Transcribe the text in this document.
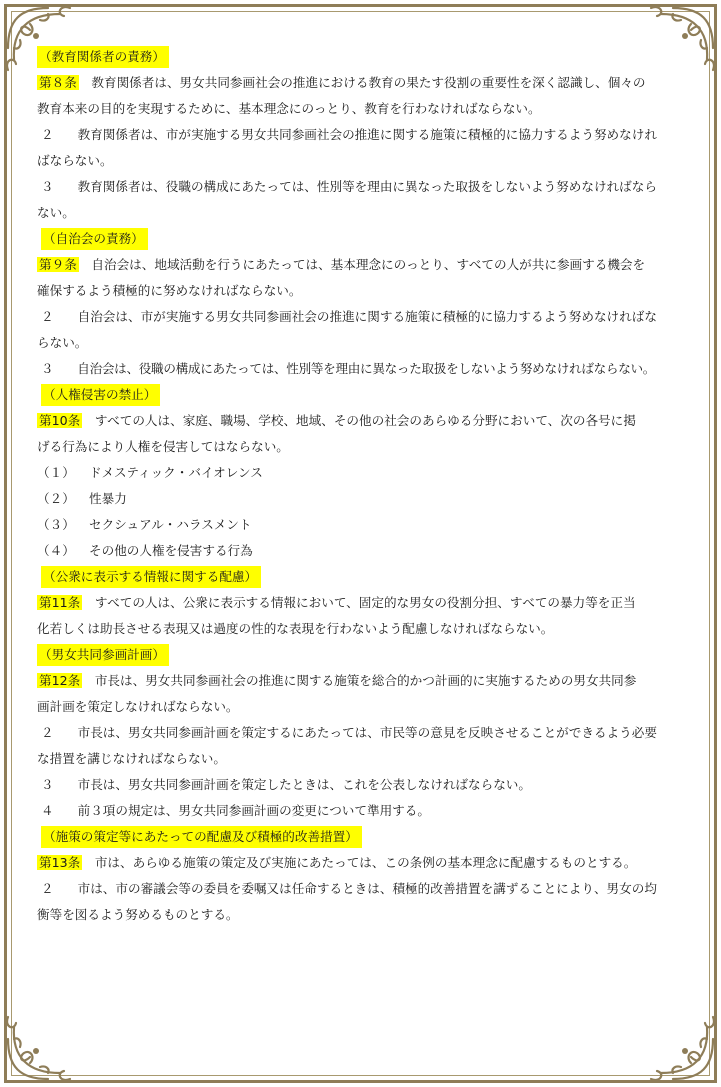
（教育関係者の責務）

第８条　教育関係者は、男女共同参画社会の推進における教育の果たす役割の重要性を深く認識し、個々の

教育本来の目的を実現するために、基本理念にのっとり、教育を行わなければならない。

２　教育関係者は、市が実施する男女共同参画社会の推進に関する施策に積極的に協力するよう努めなけれ

ばならない。

３　教育関係者は、役職の構成にあたっては、性別等を理由に異なった取扱をしないよう努めなければなら

ない。

（自治会の責務）

第９条　自治会は、地域活動を行うにあたっては、基本理念にのっとり、すべての人が共に参画する機会を

確保するよう積極的に努めなければならない。

２　自治会は、市が実施する男女共同参画社会の推進に関する施策に積極的に協力するよう努めなければな

らない。

３　自治会は、役職の構成にあたっては、性別等を理由に異なった取扱をしないよう努めなければならない。

（人権侵害の禁止）

第10条　すべての人は、家庭、職場、学校、地域、その他の社会のあらゆる分野において、次の各号に掲

げる行為により人権を侵害してはならない。

（１） ドメスティック・バイオレンス

（２） 性暴力

（３） セクシュアル・ハラスメント

（４） その他の人権を侵害する行為

（公衆に表示する情報に関する配慮）

第11条　すべての人は、公衆に表示する情報において、固定的な男女の役割分担、すべての暴力等を正当

化若しくは助長させる表現又は過度の性的な表現を行わないよう配慮しなければならない。

（男女共同参画計画）

第12条　市長は、男女共同参画社会の推進に関する施策を総合的かつ計画的に実施するための男女共同参

画計画を策定しなければならない。

２　市長は、男女共同参画計画を策定するにあたっては、市民等の意見を反映させることができるよう必要

な措置を講じなければならない。

３　市長は、男女共同参画計画を策定したときは、これを公表しなければならない。

４　前３項の規定は、男女共同参画計画の変更について準用する。

（施策の策定等にあたっての配慮及び積極的改善措置）

第13条　市は、あらゆる施策の策定及び実施にあたっては、この条例の基本理念に配慮するものとする。

２　市は、市の審議会等の委員を委嘱又は任命するときは、積極的改善措置を講ずることにより、男女の均

衡等を図るよう努めるものとする。
